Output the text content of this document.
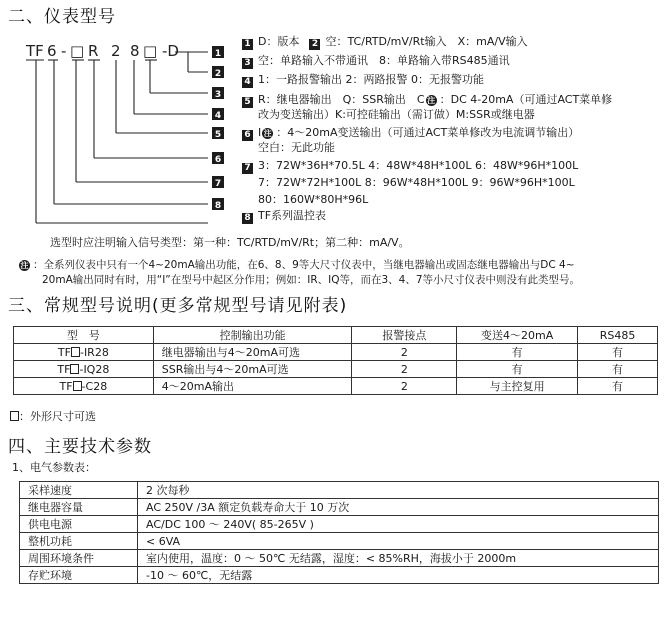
二、仪表型号
TF 6 - □ R 2 8 □ -D	1
2
3
4
5
6
7
8
1 D：版本 2 空：TC/RTD/mV/Rt输入　X：mA/V输入
3 空：单路输入不带通讯　8：单路输入带RS485通讯
4 1：一路报警输出 2：两路报警 0：无报警功能
5 R：继电器输出　Q：SSR输出　C 注 ：DC 4-20mA（可通过ACT菜单修
改为变送输出）K:可控硅输出（需订做）M:SSR或继电器
6 I 注 ：4～20mA变送输出（可通过ACT菜单修改为电流调节输出）
空白：无此功能
7 3：72W*36H*70.5L 4：48W*48H*100L 6：48W*96H*100L
7：72W*72H*100L 8：96W*48H*100L 9：96W*96H*100L
80：160W*80H*96L
8 TF系列温控表
选型时应注明输入信号类型：第一种：TC/RTD/mV/Rt；第二种：mA/V。
注 ：全系列仪表中只有一个4~20mA输出功能，在6、8、9等大尺寸仪表中，当继电器输出或固态继电器输出与DC 4~
20mA输出同时有时，用“I”在型号中起区分作用；例如：IR、IQ等，而在3、4、7等小尺寸仪表中则没有此类型号。
三、常规型号说明(更多常规型号请见附表)
型　号	控制输出功能	报警接点	变送4～20mA	RS485
TF -IR28	继电器输出与4～20mA可选	2	有	有
TF -IQ28	SSR输出与4～20mA可选	2	有	有
TF -C28	4～20mA输出	2	与主控复用	有
：外形尺寸可选
四、主要技术参数
1、电气参数表：
采样速度	2 次每秒
继电器容量	AC 250V /3A 额定负载寿命大于 10 万次
供电电源	AC/DC 100 ～ 240V( 85-265V )
整机功耗	< 6VA
周围环境条件	室内使用，温度：0 ～ 50℃ 无结露，湿度：< 85%RH，海拔小于 2000m
存贮环境	-10 ～ 60℃，无结露
